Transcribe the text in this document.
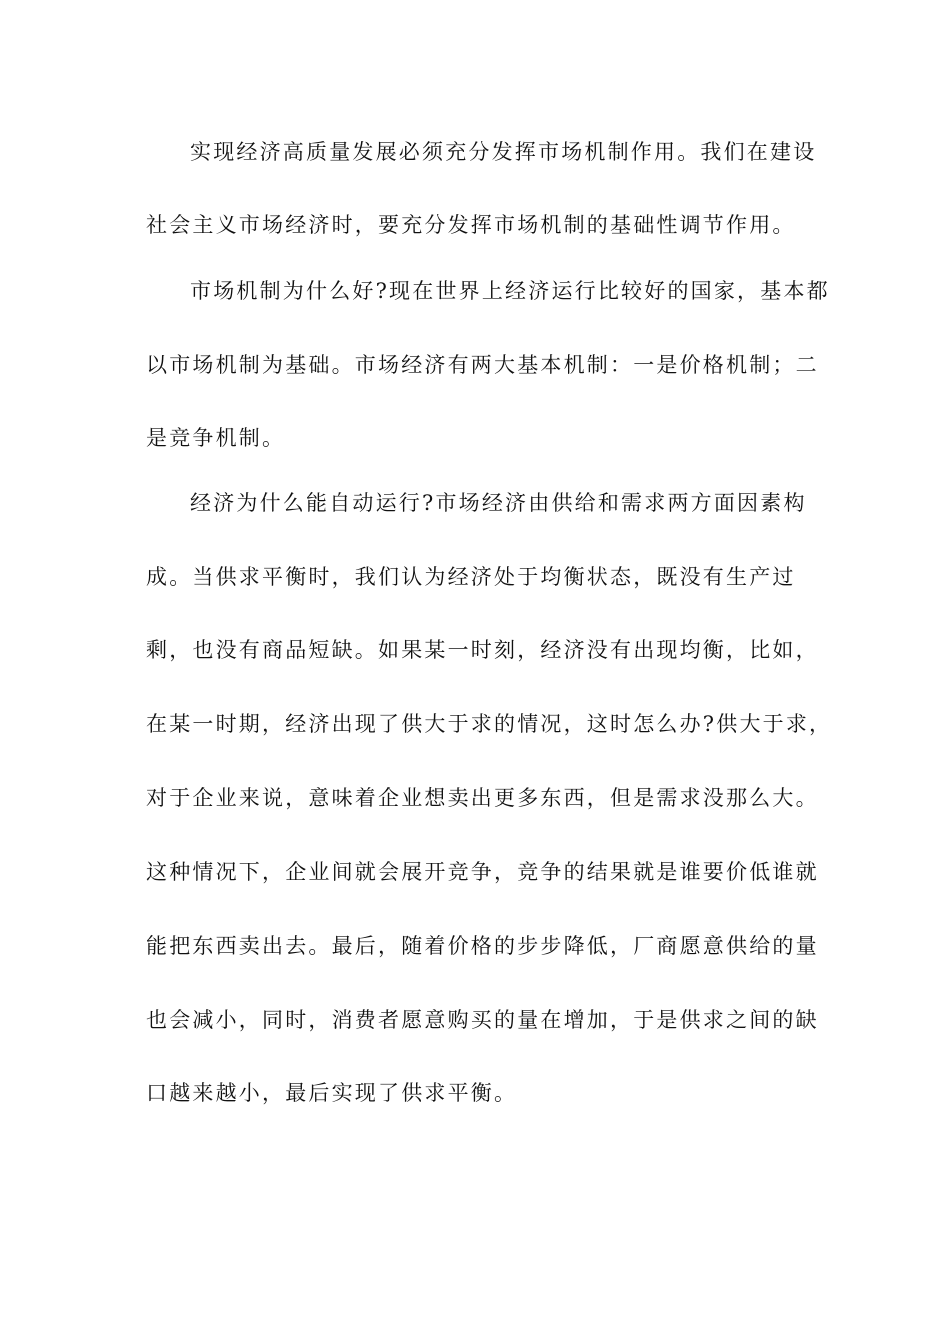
实现经济高质量发展必须充分发挥市场机制作用。我们在建设
社会主义市场经济时，要充分发挥市场机制的基础性调节作用。
市场机制为什么好?现在世界上经济运行比较好的国家，基本都
以市场机制为基础。市场经济有两大基本机制：一是价格机制；二
是竞争机制。
经济为什么能自动运行?市场经济由供给和需求两方面因素构
成。当供求平衡时，我们认为经济处于均衡状态，既没有生产过
剩，也没有商品短缺。如果某一时刻，经济没有出现均衡，比如，
在某一时期，经济出现了供大于求的情况，这时怎么办?供大于求，
对于企业来说，意味着企业想卖出更多东西，但是需求没那么大。
这种情况下，企业间就会展开竞争，竞争的结果就是谁要价低谁就
能把东西卖出去。最后，随着价格的步步降低，厂商愿意供给的量
也会减小，同时，消费者愿意购买的量在增加，于是供求之间的缺
口越来越小，最后实现了供求平衡。
